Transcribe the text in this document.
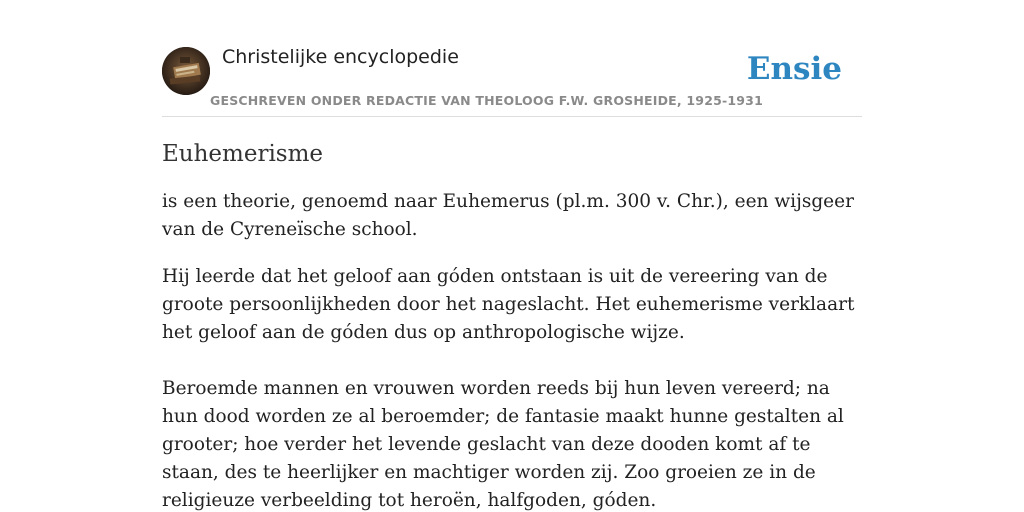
Christelijke encyclopedie
GESCHREVEN ONDER REDACTIE VAN THEOLOOG F.W. GROSHEIDE, 1925-1931
Ensie
Euhemerisme

is een theorie, genoemd naar Euhemerus (pl.m. 300 v. Chr.), een wijsgeer van de Cyreneïsche school.

Hij leerde dat het geloof aan góden ontstaan is uit de vereering van de groote persoonlijkheden door het nageslacht. Het euhemerisme verklaart het geloof aan de góden dus op anthropologische wijze.

Beroemde mannen en vrouwen worden reeds bij hun leven vereerd; na hun dood worden ze al beroemder; de fantasie maakt hunne gestalten al grooter; hoe verder het levende geslacht van deze dooden komt af te staan, des te heerlijker en machtiger worden zij. Zoo groeien ze in de religieuze verbeelding tot heroën, halfgoden, góden.
